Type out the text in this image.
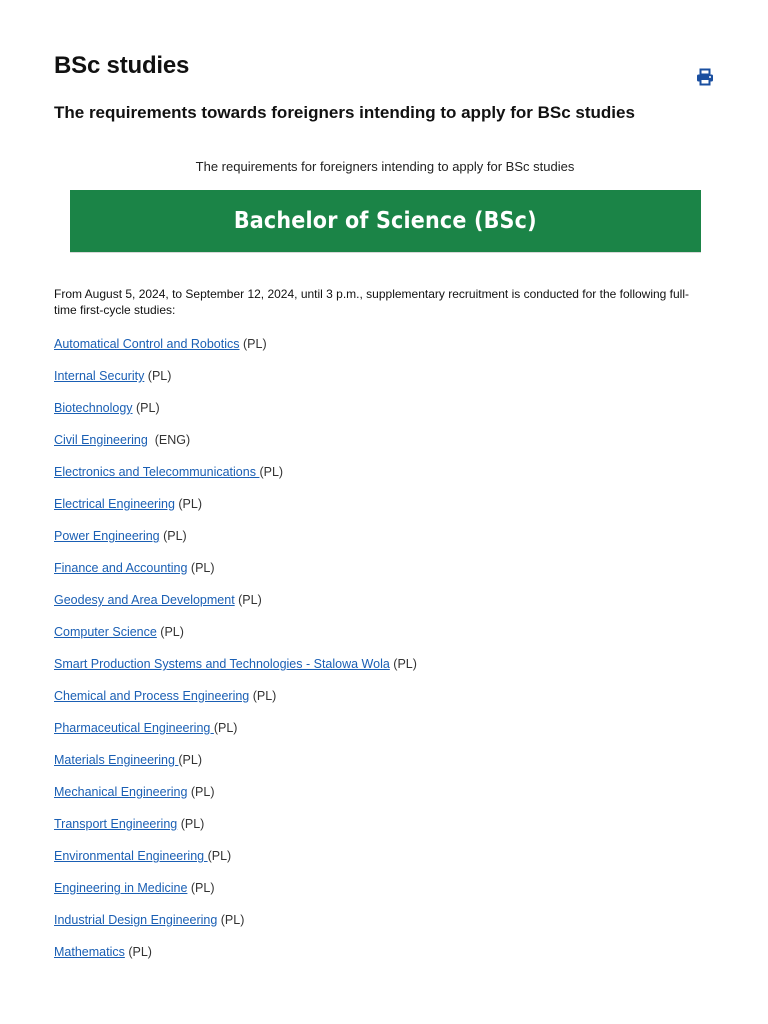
BSc studies
The requirements towards foreigners intending to apply for BSc studies
The requirements for foreigners intending to apply for BSc studies
Bachelor of Science (BSc)
From August 5, 2024, to September 12, 2024, until 3 p.m., supplementary recruitment is conducted for the following full-time first-cycle studies:
Automatical Control and Robotics (PL)
Internal Security (PL)
Biotechnology (PL)
Civil Engineering  (ENG)
Electronics and Telecommunications (PL)
Electrical Engineering (PL)
Power Engineering (PL)
Finance and Accounting (PL)
Geodesy and Area Development (PL)
Computer Science (PL)
Smart Production Systems and Technologies - Stalowa Wola (PL)
Chemical and Process Engineering (PL)
Pharmaceutical Engineering (PL)
Materials Engineering (PL)
Mechanical Engineering (PL)
Transport Engineering (PL)
Environmental Engineering (PL)
Engineering in Medicine (PL)
Industrial Design Engineering (PL)
Mathematics (PL)
